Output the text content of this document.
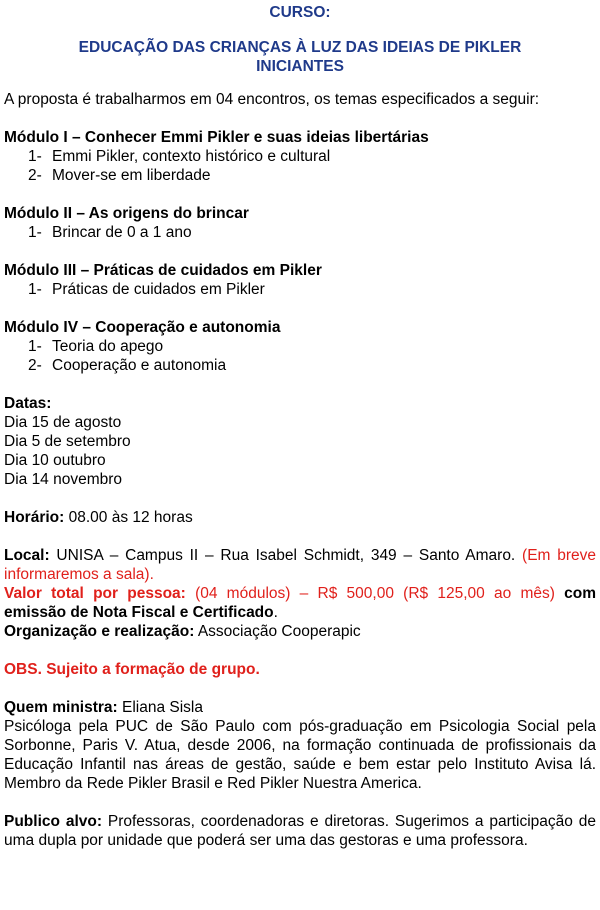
CURSO:

EDUCAÇÃO DAS CRIANÇAS À LUZ DAS IDEIAS DE PIKLER

INICIANTES

A proposta é trabalharmos em 04 encontros, os temas especificados a seguir:

Módulo I – Conhecer Emmi Pikler e suas ideias libertárias

1- Emmi Pikler, contexto histórico e cultural
2- Mover-se em liberdade

Módulo II – As origens do brincar

1- Brincar de 0 a 1 ano

Módulo III – Práticas de cuidados em Pikler

1- Práticas de cuidados em Pikler

Módulo IV – Cooperação e autonomia

1- Teoria do apego
2- Cooperação e autonomia

Datas:

Dia 15 de agosto

Dia 5 de setembro

Dia 10 outubro

Dia 14 novembro

Horário: 08.00 às 12 horas

Local: UNISA – Campus II – Rua Isabel Schmidt, 349 – Santo Amaro. (Em breve informaremos a sala).

Valor total por pessoa: (04 módulos) – R$ 500,00 (R$ 125,00 ao mês) com emissão de Nota Fiscal e Certificado.

Organização e realização: Associação Cooperapic

OBS. Sujeito a formação de grupo.

Quem ministra: Eliana Sisla

Psicóloga pela PUC de São Paulo com pós-graduação em Psicologia Social pela Sorbonne, Paris V. Atua, desde 2006, na formação continuada de profissionais da Educação Infantil nas áreas de gestão, saúde e bem estar pelo Instituto Avisa lá. Membro da Rede Pikler Brasil e Red Pikler Nuestra America.

Publico alvo: Professoras, coordenadoras e diretoras. Sugerimos a participação de uma dupla por unidade que poderá ser uma das gestoras e uma professora.
